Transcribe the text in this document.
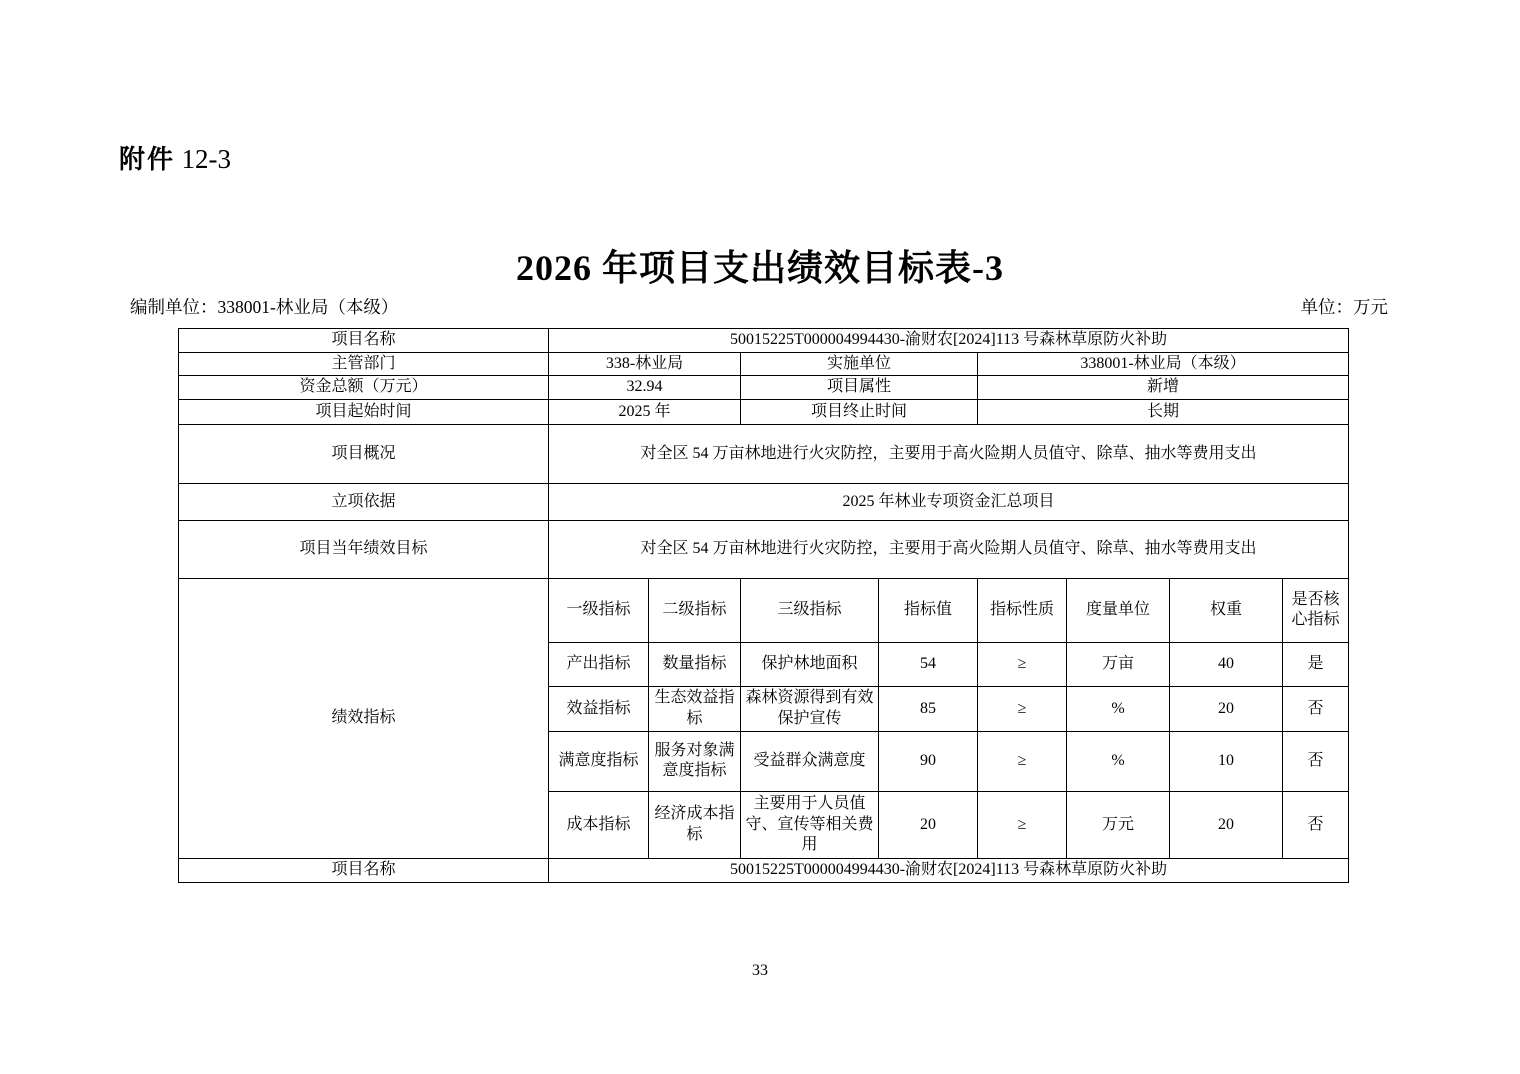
附件 12-3
2026 年项目支出绩效目标表-3
编制单位：338001-林业局（本级）	单位：万元
项目名称	50015225T000004994430-渝财农[2024]113 号森林草原防火补助							
主管部门	338-林业局		实施单位		338001-林业局（本级）			
资金总额（万元）	32.94		项目属性		新增			
项目起始时间	2025 年		项目终止时间		长期			
项目概况	对全区 54 万亩林地进行火灾防控，主要用于高火险期人员值守、除草、抽水等费用支出							
立项依据	2025 年林业专项资金汇总项目							
项目当年绩效目标	对全区 54 万亩林地进行火灾防控，主要用于高火险期人员值守、除草、抽水等费用支出							
绩效指标	一级指标	二级指标	三级指标	指标值	指标性质	度量单位	权重	是否核心指标
	产出指标	数量指标	保护林地面积	54	≥	万亩	40	是
	效益指标	生态效益指标	森林资源得到有效保护宣传	85	≥	%	20	否
	满意度指标	服务对象满意度指标	受益群众满意度	90	≥	%	10	否
	成本指标	经济成本指标	主要用于人员值守、宣传等相关费用	20	≥	万元	20	否
项目名称	50015225T000004994430-渝财农[2024]113 号森林草原防火补助							
33
